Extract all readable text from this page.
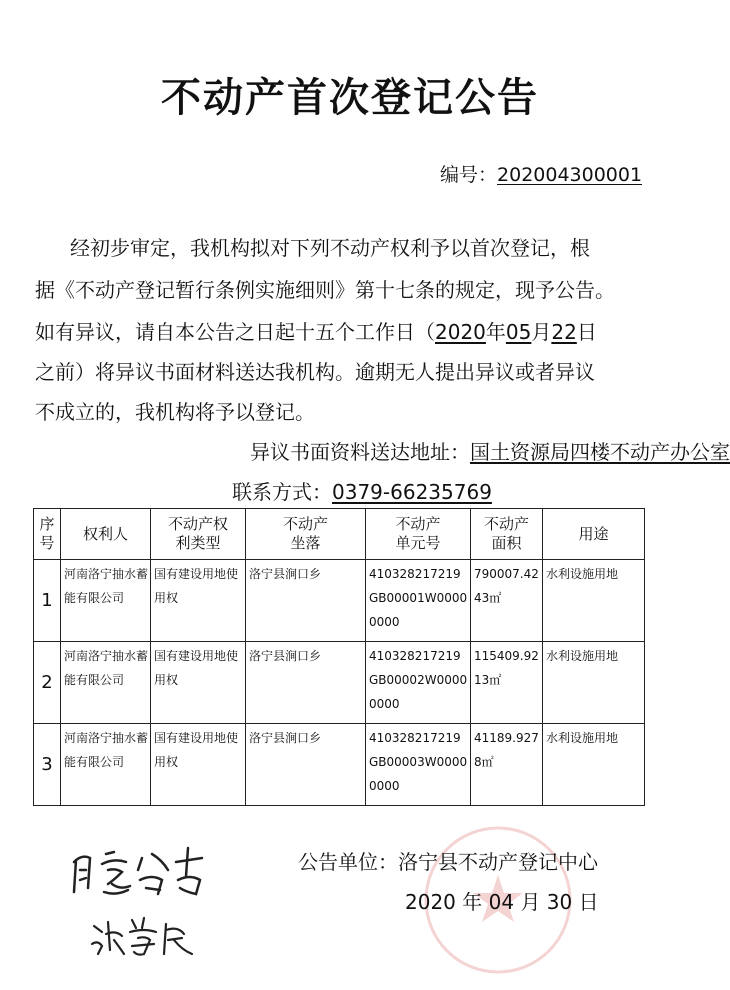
不动产首次登记公告
编号：202004300001
经初步审定，我机构拟对下列不动产权利予以首次登记，根
据《不动产登记暂行条例实施细则》第十七条的规定，现予公告。
如有异议，请自本公告之日起十五个工作日（2020年05月22日
之前）将异议书面材料送达我机构。逾期无人提出异议或者异议
不成立的，我机构将予以登记。
异议书面资料送达地址：国土资源局四楼不动产办公室
联系方式：0379-66235769
序号	权利人	不动产权利类型	不动产坐落	不动产单元号	不动产面积	用途
1	河南洛宁抽水蓄能有限公司	国有建设用地使用权	洛宁县涧口乡	410328217219GB00001W00000000	790007.4243㎡	水利设施用地
2	河南洛宁抽水蓄能有限公司	国有建设用地使用权	洛宁县涧口乡	410328217219GB00002W00000000	115409.9213㎡	水利设施用地
3	河南洛宁抽水蓄能有限公司	国有建设用地使用权	洛宁县涧口乡	410328217219GB00003W00000000	41189.9278㎡	水利设施用地
公告单位：洛宁县不动产登记中心
2020 年 04 月 30 日
